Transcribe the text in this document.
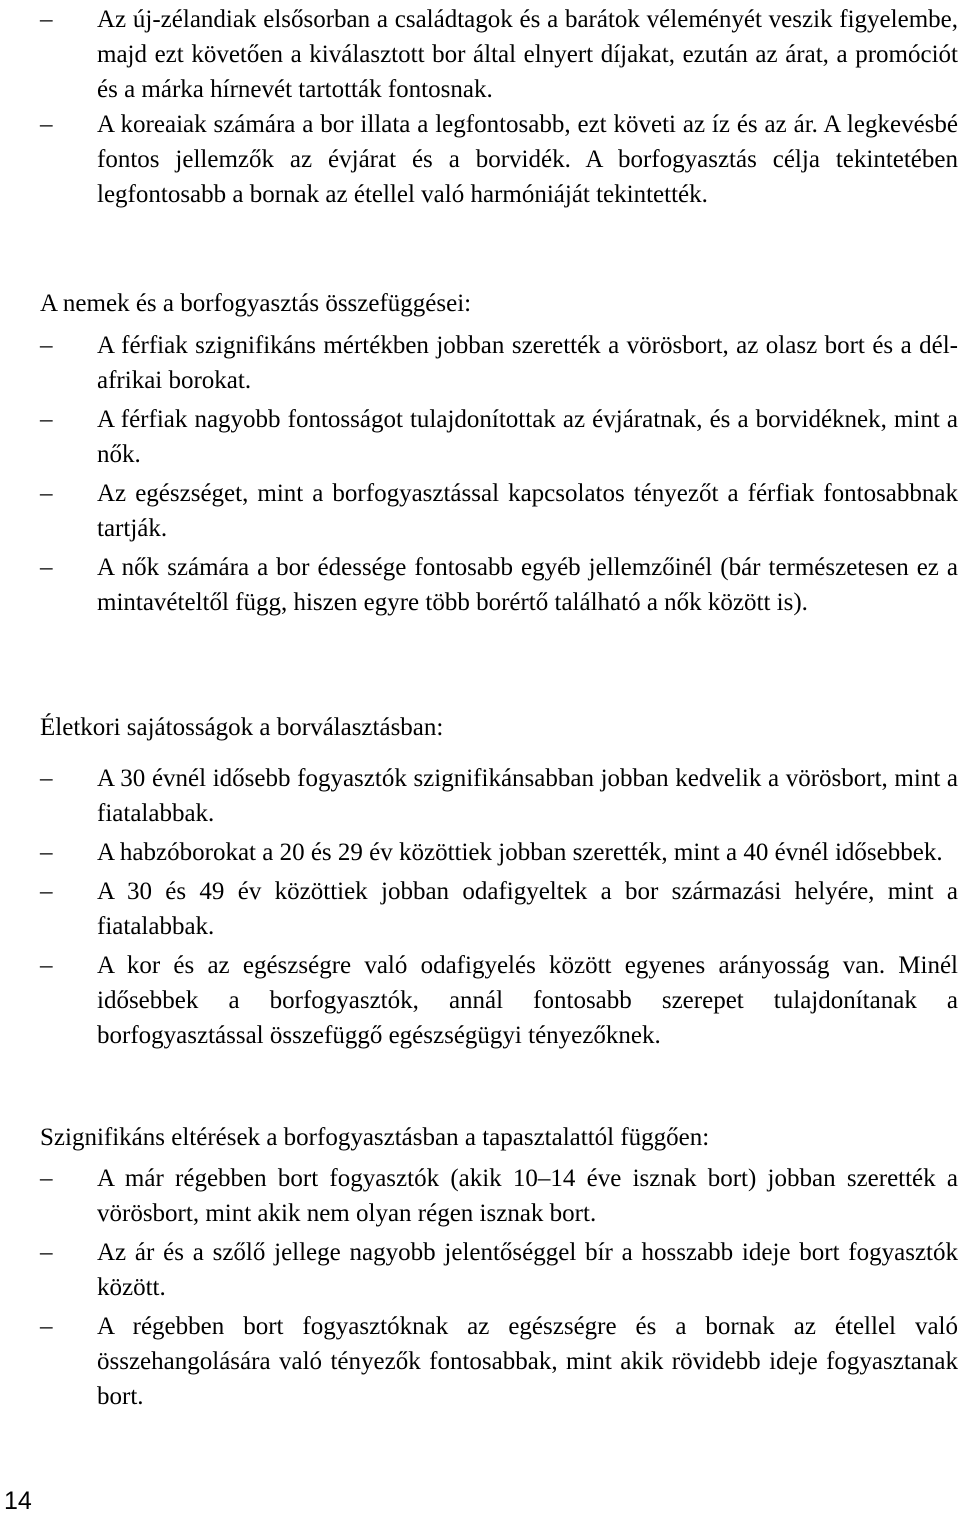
–	Az új-zélandiak elsősorban a családtagok és a barátok véleményét veszik figyelembe, majd ezt követően a kiválasztott bor által elnyert díjakat, ezután az árat, a promóciót és a márka hírnevét tartották fontosnak.
–	A koreaiak számára a bor illata a legfontosabb, ezt követi az íz és az ár. A legkevésbé fontos jellemzők az évjárat és a borvidék. A borfogyasztás célja tekintetében legfontosabb a bornak az étellel való harmóniáját tekintették.
A nemek és a borfogyasztás összefüggései:
–	A férfiak szignifikáns mértékben jobban szerették a vörösbort, az olasz bort és a dél-afrikai borokat.
–	A férfiak nagyobb fontosságot tulajdonítottak az évjáratnak, és a borvidéknek, mint a nők.
–	Az egészséget, mint a borfogyasztással kapcsolatos tényezőt a férfiak fontosabbnak tartják.
–	A nők számára a bor édessége fontosabb egyéb jellemzőinél (bár természetesen ez a mintavételtől függ, hiszen egyre több borértő található a nők között is).
Életkori sajátosságok a borválasztásban:
–	A 30 évnél idősebb fogyasztók szignifikánsabban jobban kedvelik a vörösbort, mint a fiatalabbak.
–	A habzóborokat a 20 és 29 év közöttiek jobban szerették, mint a 40 évnél idősebbek.
–	A 30 és 49 év közöttiek jobban odafigyeltek a bor származási helyére, mint a fiatalabbak.
–	A kor és az egészségre való odafigyelés között egyenes arányosság van. Minél idősebbek a borfogyasztók, annál fontosabb szerepet tulajdonítanak a borfogyasztással összefüggő egészségügyi tényezőknek.
Szignifikáns eltérések a borfogyasztásban a tapasztalattól függően:
–	A már régebben bort fogyasztók (akik 10–14 éve isznak bort) jobban szerették a vörösbort, mint akik nem olyan régen isznak bort.
–	Az ár és a szőlő jellege nagyobb jelentőséggel bír a hosszabb ideje bort fogyasztók között.
–	A régebben bort fogyasztóknak az egészségre és a bornak az étellel való összehangolására való tényezők fontosabbak, mint akik rövidebb ideje fogyasztanak bort.
14
